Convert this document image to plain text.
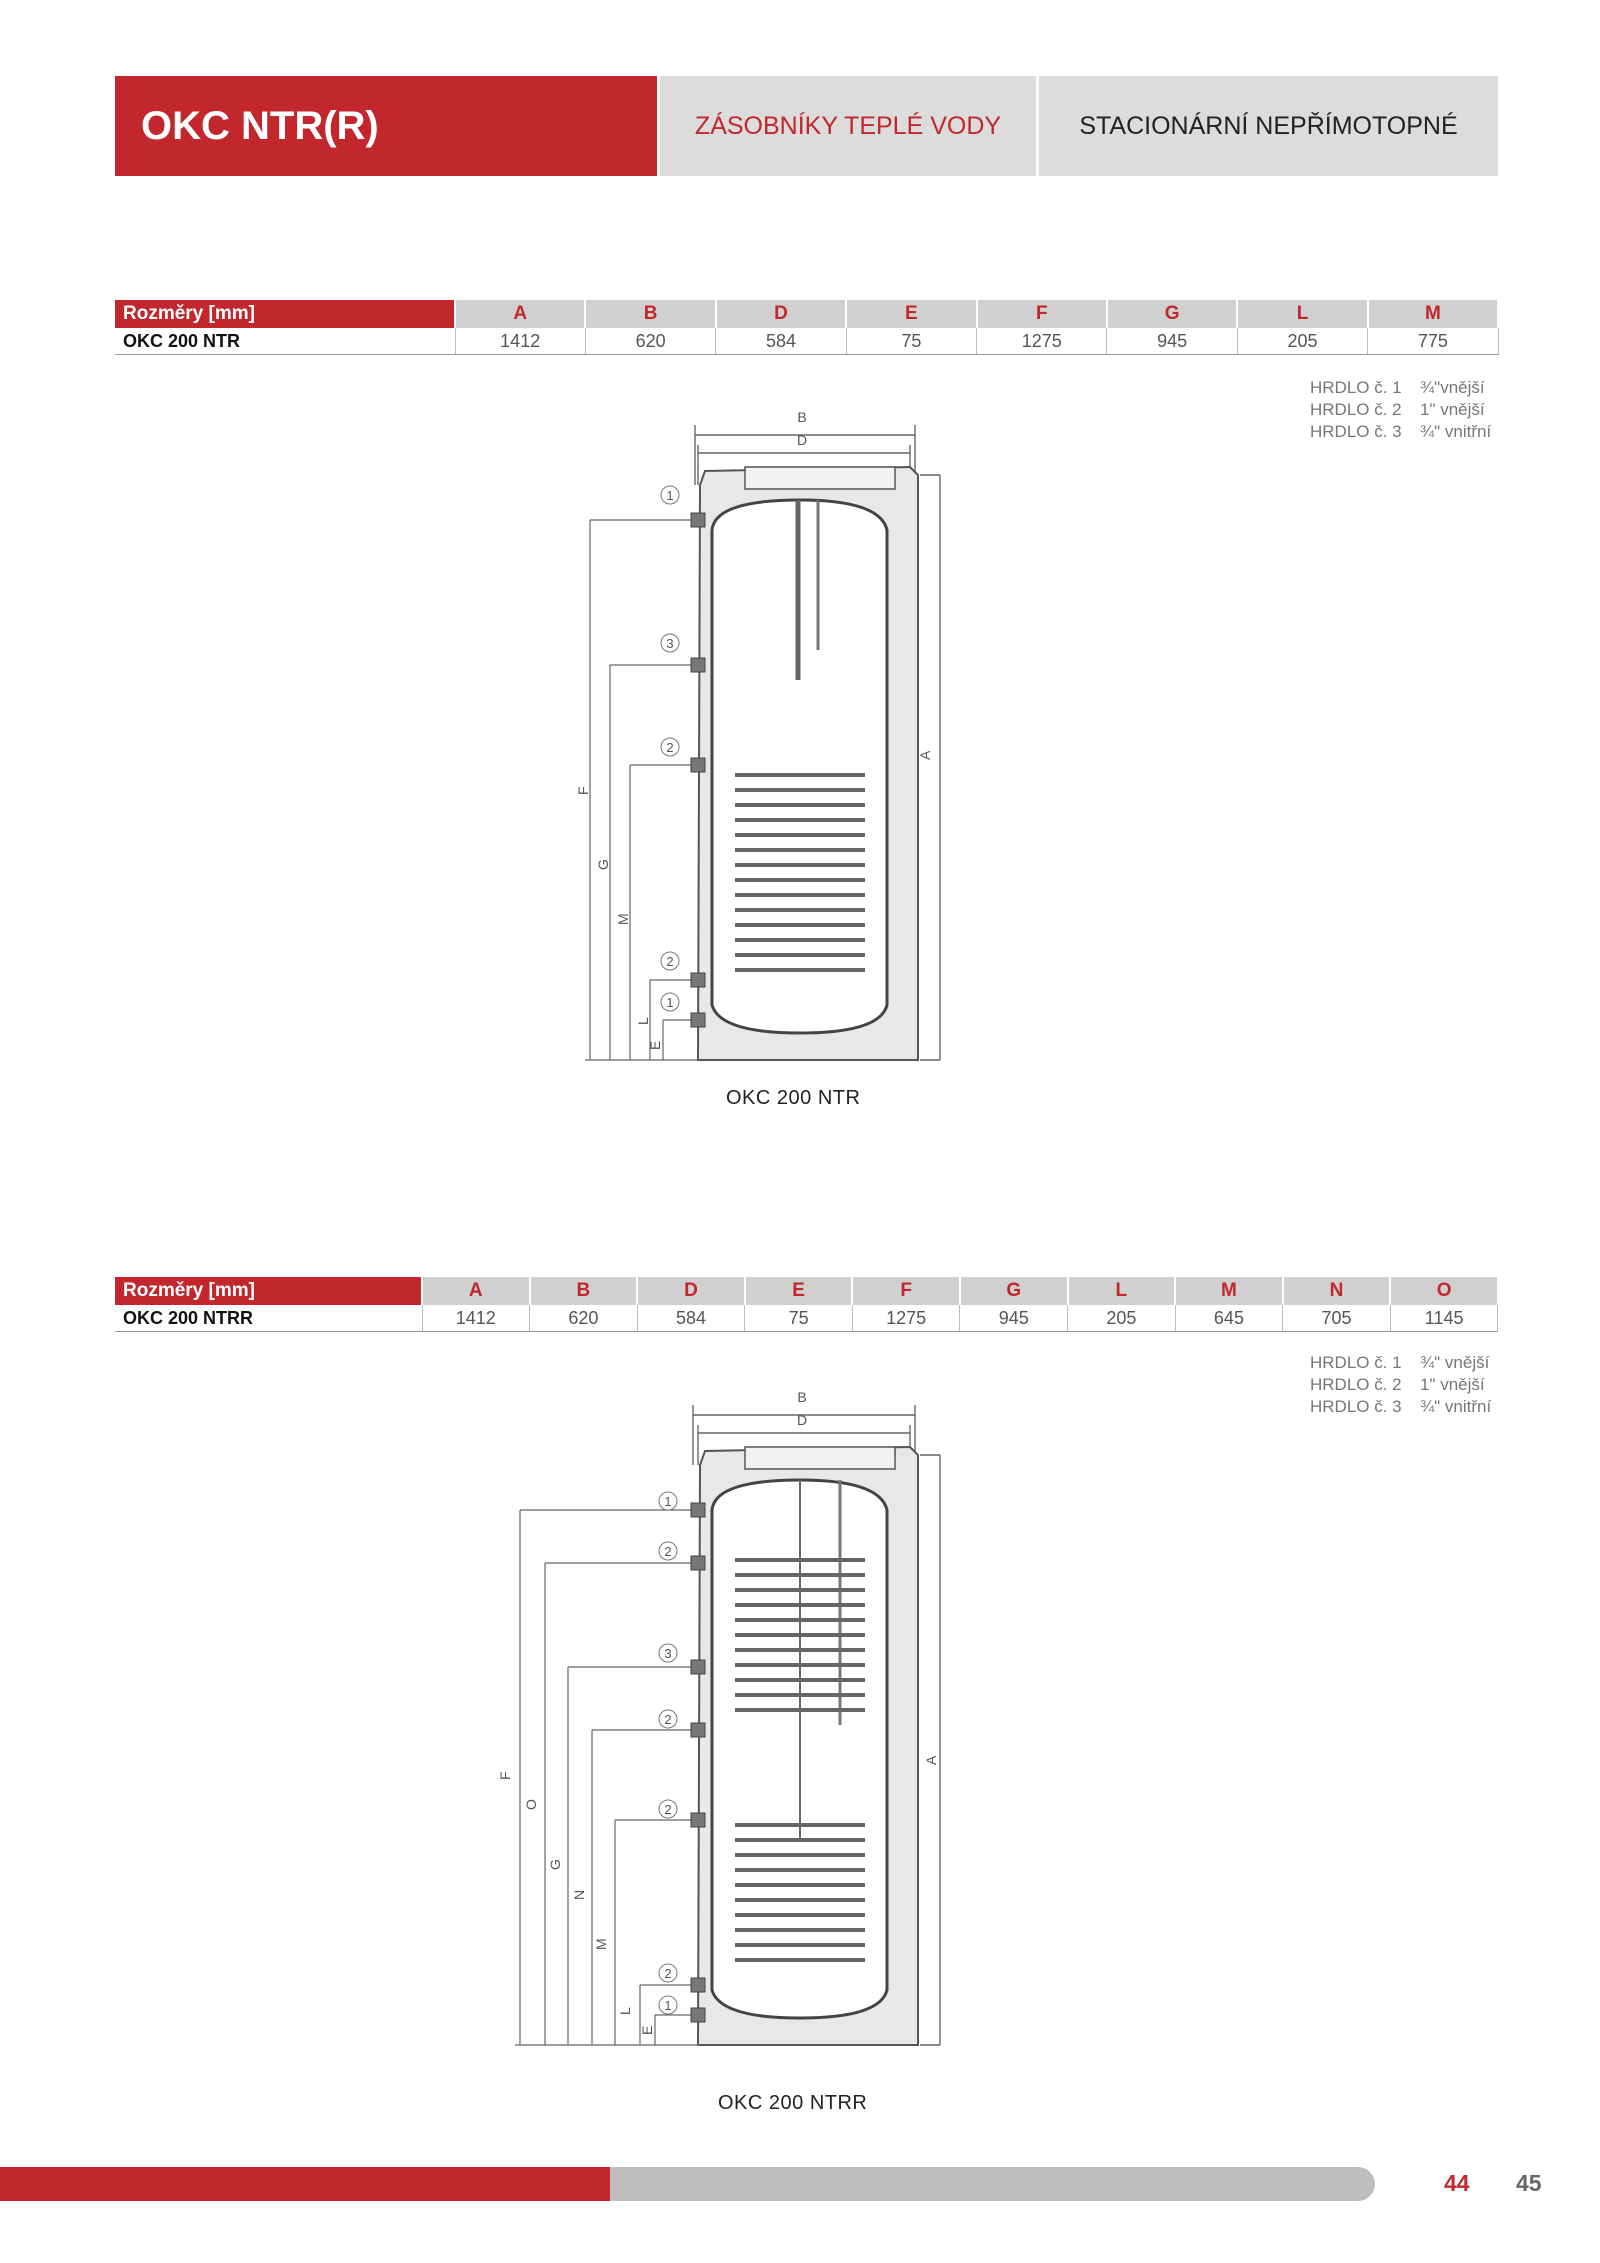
OKC NTR(R)	ZÁSOBNÍKY TEPLÉ VODY	STACIONÁRNÍ NEPŘÍMOTOPNÉ
Rozměry [mm]	A	B	D	E	F	G	L	M
OKC 200 NTR	1412	620	584	75	1275	945	205	775
HRDLO č. 1 ¾"vnější
HRDLO č. 2 1" vnější
HRDLO č. 3 ¾" vnitřní
B
D
A
F
G
M
L
E
1
3
2
2
1
OKC 200 NTR
Rozměry [mm]	A	B	D	E	F	G	L	M	N	O
OKC 200 NTRR	1412	620	584	75	1275	945	205	645	705	1145
HRDLO č. 1 ¾" vnější
HRDLO č. 2 1" vnější
HRDLO č. 3 ¾" vnitřní
B
D
A
F
O
G
N
M
L
E
1
2
3
2
2
2
1
OKC 200 NTRR
44 45
